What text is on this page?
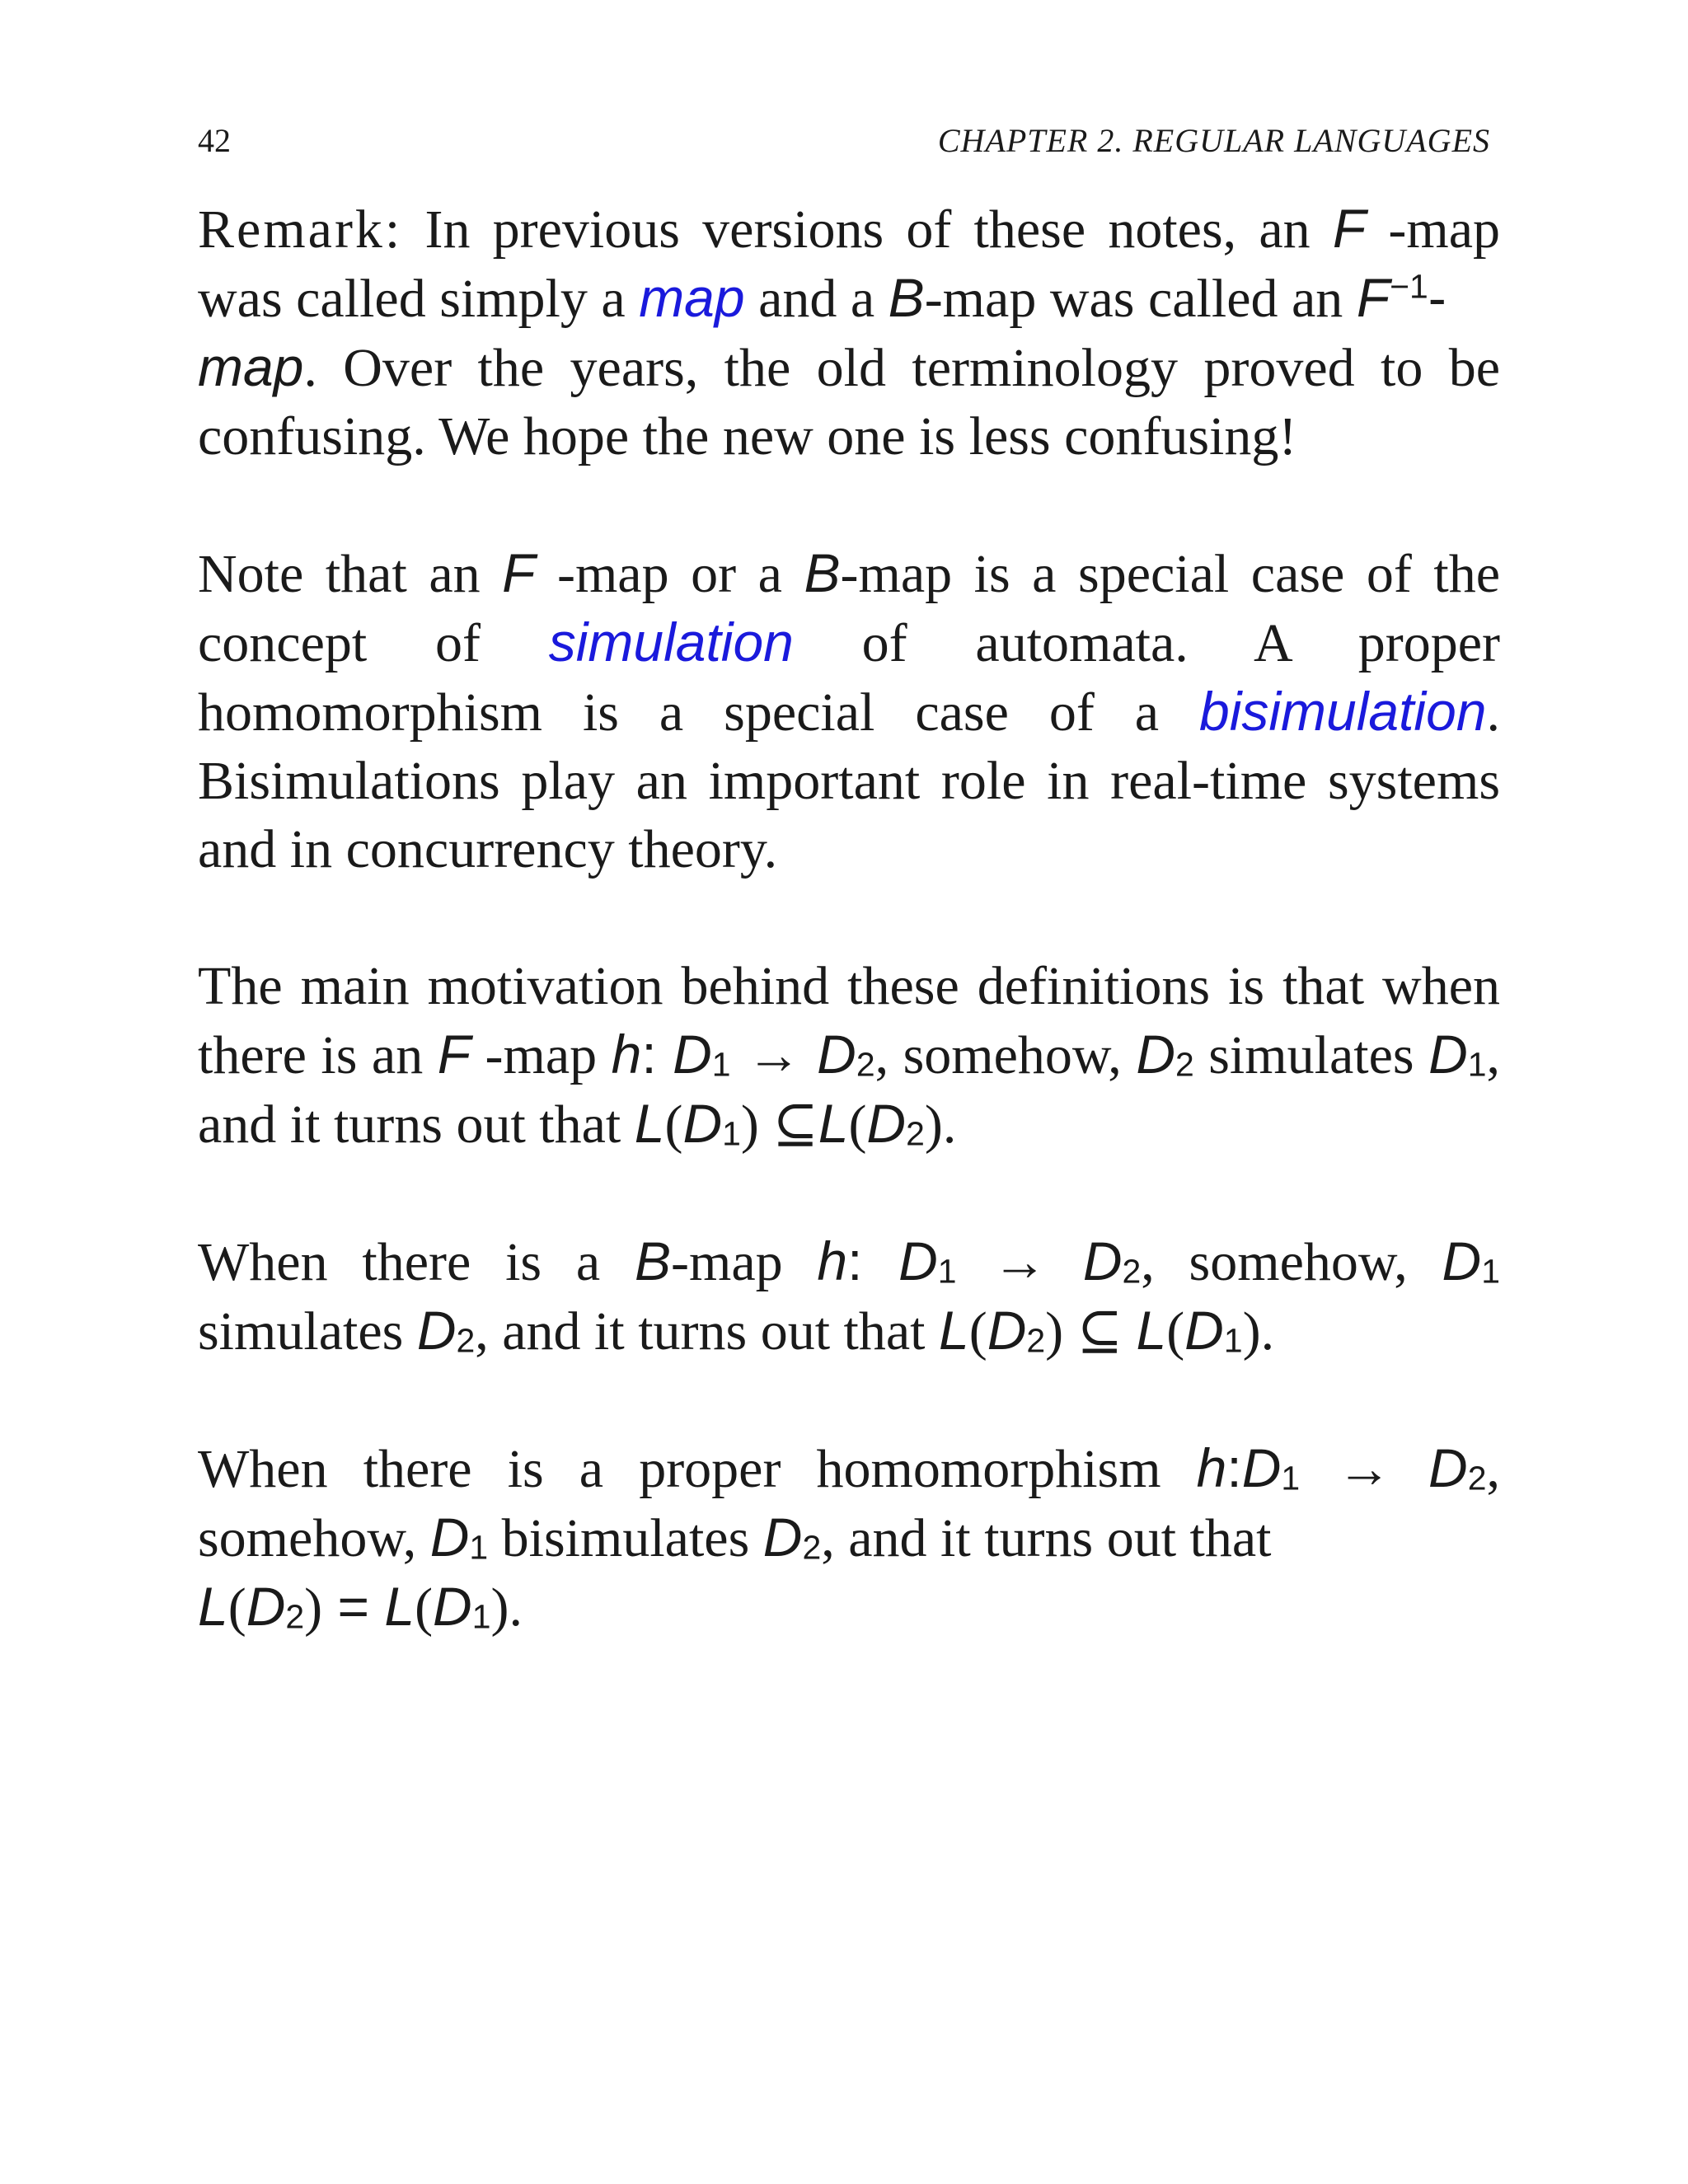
42	CHAPTER 2. REGULAR LANGUAGES

Remark: In previous versions of these notes, an F -map was called simply a map and a B-map was called an $F^{-1}-$
map. Over the years, the old terminology proved to be confusing. We hope the new one is less confusing!

Note that an F -map or a B-map is a special case of the concept of simulation of automata. A proper homomorphism is a special case of a bisimulation. Bisimulations play an important role in real-time systems and in concurrency theory.

The main motivation behind these definitions is that when there is an F -map h: $D_1 \to D_2$, somehow, $D_2$ simulates $D_1$, and it turns out that $L(D_1)$ $⊆L(D_2)$.

When there is a B-map h: $D_1 \to D_2$, somehow, $D_1$ simulates $D_2$, and it turns out that $L(D_2)$ ⊆ $L(D_1)$.

When there is a proper homomorphism $h:D_1 \to D_2$, somehow, $D_1$ bisimulates $D_2$, and it turns out that
$L(D_2) = L(D_1)$.
